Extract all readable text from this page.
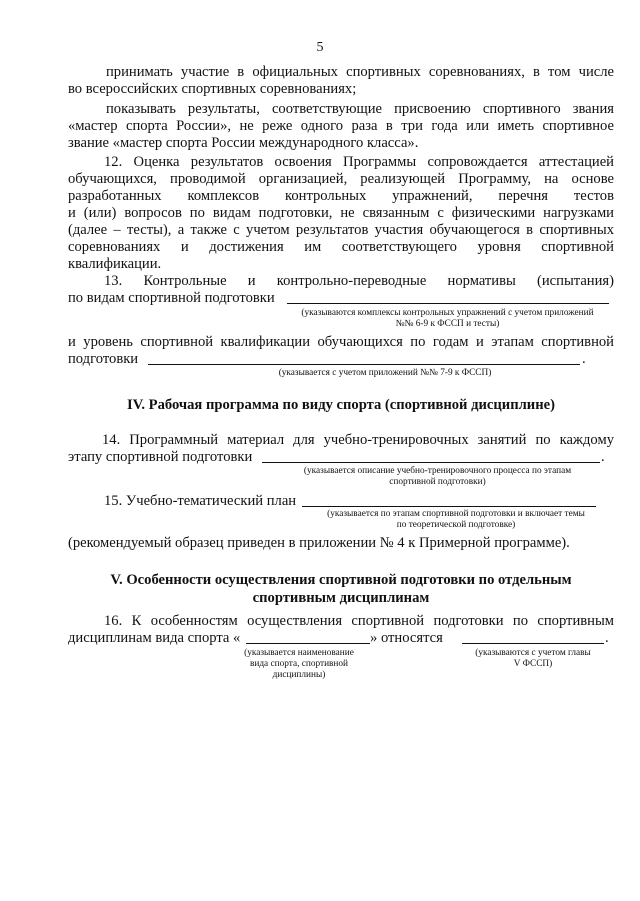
5
принимать участие в официальных спортивных соревнованиях, в том числе
во всероссийских спортивных соревнованиях;
показывать результаты, соответствующие присвоению спортивного звания
«мастер спорта России», не реже одного раза в три года или иметь спортивное
звание «мастер спорта России международного класса».
12. Оценка результатов освоения Программы сопровождается аттестацией
обучающихся, проводимой организацией, реализующей Программу, на основе
разработанных комплексов контрольных упражнений, перечня тестов
и (или) вопросов по видам подготовки, не связанным с физическими нагрузками
(далее – тесты), а также с учетом результатов участия обучающегося в спортивных
соревнованиях и достижения им соответствующего уровня спортивной
квалификации.
13. Контрольные и контрольно-переводные нормативы (испытания)
по видам спортивной подготовки
(указываются комплексы контрольных упражнений с учетом приложений
№№ 6-9 к ФССП и тесты)
и уровень спортивной квалификации обучающихся по годам и этапам спортивной
подготовки	.
(указывается с учетом приложений №№ 7-9 к ФССП)
IV. Рабочая программа по виду спорта (спортивной дисциплине)
14. Программный материал для учебно-тренировочных занятий по каждому
этапу спортивной подготовки	.
(указывается описание учебно-тренировочного процесса по этапам
спортивной подготовки)
15. Учебно-тематический план
(указывается по этапам спортивной подготовки и включает темы
по теоретической подготовке)
(рекомендуемый образец приведен в приложении № 4 к Примерной программе).
V. Особенности осуществления спортивной подготовки по отдельным
спортивным дисциплинам
16. К особенностям осуществления спортивной подготовки по спортивным
дисциплинам вида спорта «	» относятся	.
(указывается наименование
вида спорта, спортивной
дисциплины)
(указываются с учетом главы
V ФССП)
